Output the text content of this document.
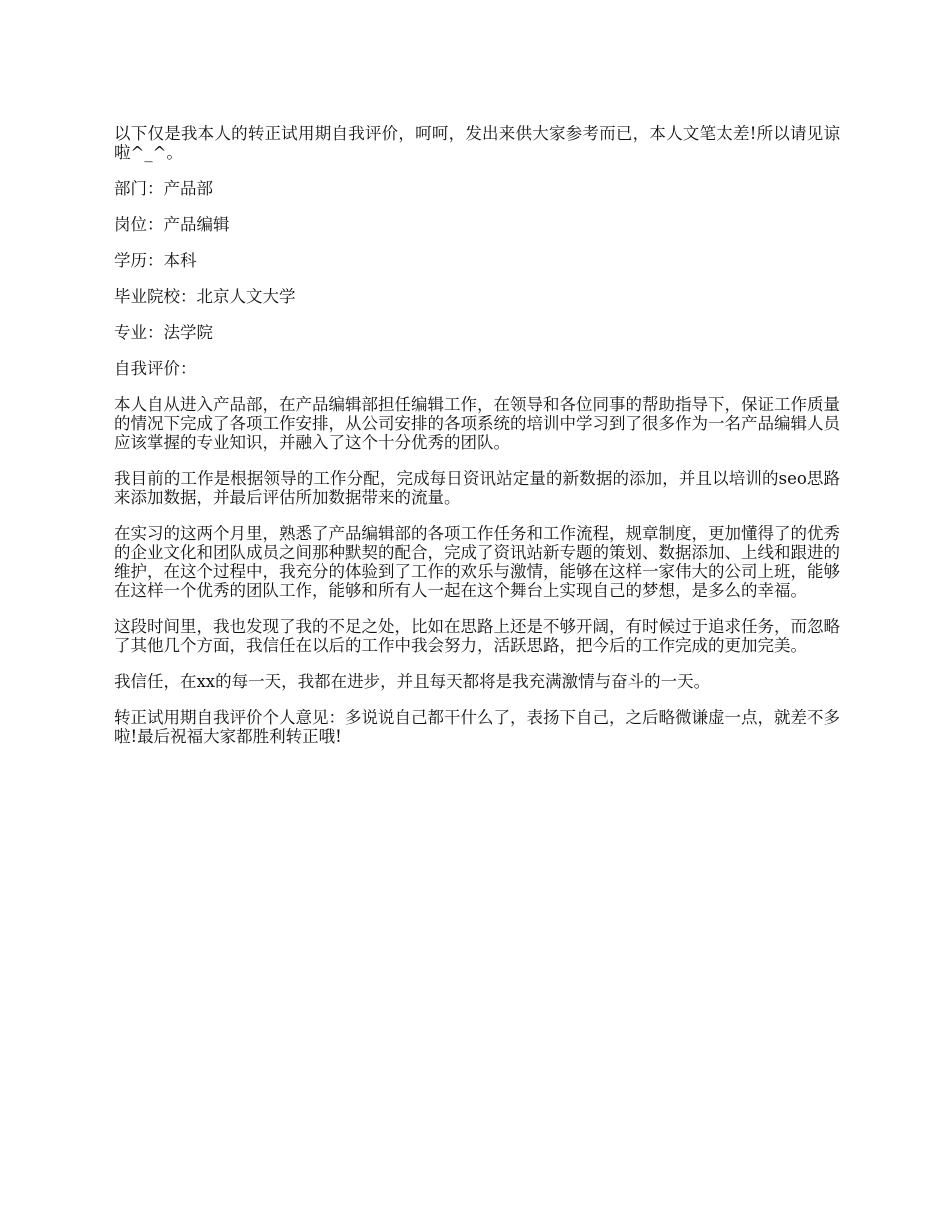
以下仅是我本人的转正试用期自我评价，呵呵，发出来供大家参考而已，本人文笔太差!所以请见谅啦^_^。

部门：产品部

岗位：产品编辑

学历：本科

毕业院校：北京人文大学

专业：法学院

自我评价：

本人自从进入产品部，在产品编辑部担任编辑工作，在领导和各位同事的帮助指导下，保证工作质量的情况下完成了各项工作安排，从公司安排的各项系统的培训中学习到了很多作为一名产品编辑人员应该掌握的专业知识，并融入了这个十分优秀的团队。

我目前的工作是根据领导的工作分配，完成每日资讯站定量的新数据的添加，并且以培训的seo思路来添加数据，并最后评估所加数据带来的流量。

在实习的这两个月里，熟悉了产品编辑部的各项工作任务和工作流程，规章制度，更加懂得了的优秀的企业文化和团队成员之间那种默契的配合，完成了资讯站新专题的策划、数据添加、上线和跟进的维护，在这个过程中，我充分的体验到了工作的欢乐与激情，能够在这样一家伟大的公司上班，能够在这样一个优秀的团队工作，能够和所有人一起在这个舞台上实现自己的梦想，是多么的幸福。

这段时间里，我也发现了我的不足之处，比如在思路上还是不够开阔，有时候过于追求任务，而忽略了其他几个方面，我信任在以后的工作中我会努力，活跃思路，把今后的工作完成的更加完美。

我信任，在xx的每一天，我都在进步，并且每天都将是我充满激情与奋斗的一天。

转正试用期自我评价个人意见：多说说自己都干什么了，表扬下自己，之后略微谦虚一点，就差不多啦!最后祝福大家都胜利转正哦!
